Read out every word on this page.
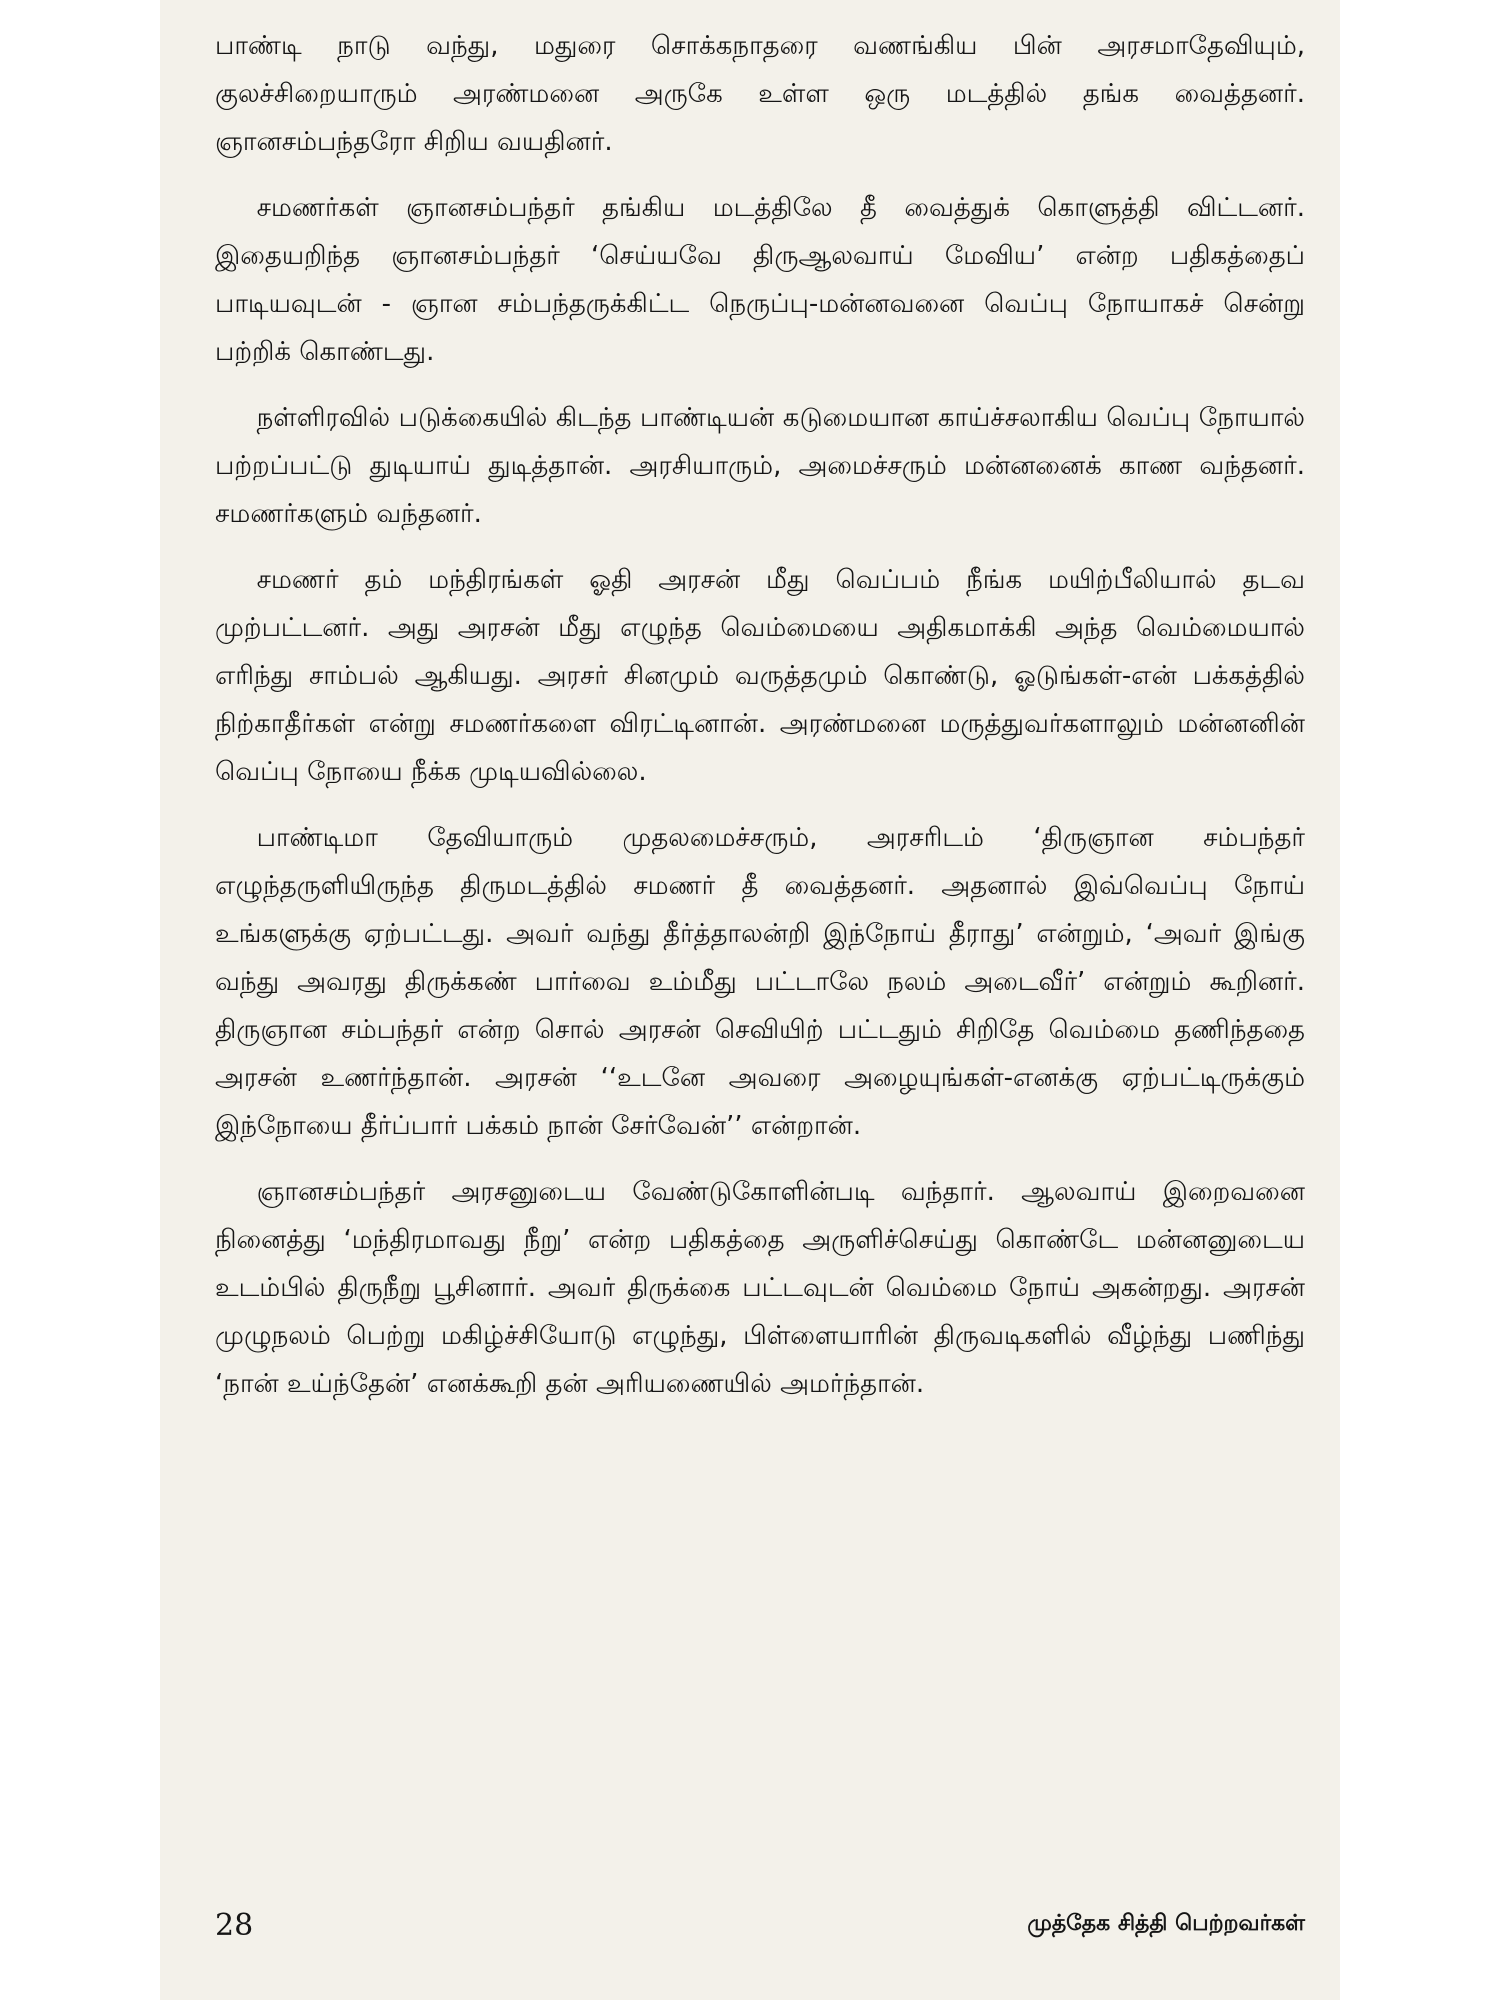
பாண்டி நாடு வந்து, மதுரை சொக்கநாதரை வணங்கிய பின் அரசமாதேவியும், குலச்சிறையாரும் அரண்மனை அருகே உள்ள ஒரு மடத்தில் தங்க வைத்தனர். ஞானசம்பந்தரோ சிறிய வயதினர்.

சமணர்கள் ஞானசம்பந்தர் தங்கிய மடத்திலே தீ வைத்துக் கொளுத்தி விட்டனர். இதையறிந்த ஞானசம்பந்தர் ‘செய்யவே திருஆலவாய் மேவிய’ என்ற பதிகத்தைப் பாடியவுடன் - ஞான சம்பந்தருக்கிட்ட நெருப்பு-மன்னவனை வெப்பு நோயாகச் சென்று பற்றிக் கொண்டது.

நள்ளிரவில் படுக்கையில் கிடந்த பாண்டியன் கடுமையான காய்ச்சலாகிய வெப்பு நோயால் பற்றப்பட்டு துடியாய் துடித்தான். அரசியாரும், அமைச்சரும் மன்னனைக் காண வந்தனர். சமணர்களும் வந்தனர்.

சமணர் தம் மந்திரங்கள் ஓதி அரசன் மீது வெப்பம் நீங்க மயிற்பீலியால் தடவ முற்பட்டனர். அது அரசன் மீது எழுந்த வெம்மையை அதிகமாக்கி அந்த வெம்மையால் எரிந்து சாம்பல் ஆகியது. அரசர் சினமும் வருத்தமும் கொண்டு, ஓடுங்கள்-என் பக்கத்தில் நிற்காதீர்கள் என்று சமணர்களை விரட்டினான். அரண்மனை மருத்துவர்களாலும் மன்னனின் வெப்பு நோயை நீக்க முடியவில்லை.

பாண்டிமா தேவியாரும் முதலமைச்சரும், அரசரிடம் ‘திருஞான சம்பந்தர் எழுந்தருளியிருந்த திருமடத்தில் சமணர் தீ வைத்தனர். அதனால் இவ்வெப்பு நோய் உங்களுக்கு ஏற்பட்டது. அவர் வந்து தீர்த்தாலன்றி இந்நோய் தீராது’ என்றும், ‘அவர் இங்கு வந்து அவரது திருக்கண் பார்வை உம்மீது பட்டாலே நலம் அடைவீர்’ என்றும் கூறினர். திருஞான சம்பந்தர் என்ற சொல் அரசன் செவியிற் பட்டதும் சிறிதே வெம்மை தணிந்ததை அரசன் உணர்ந்தான். அரசன் ‘‘உடனே அவரை அழையுங்கள்-எனக்கு ஏற்பட்டிருக்கும் இந்நோயை தீர்ப்பார் பக்கம் நான் சேர்வேன்’’ என்றான்.

ஞானசம்பந்தர் அரசனுடைய வேண்டுகோளின்படி வந்தார். ஆலவாய் இறைவனை நினைத்து ‘மந்திரமாவது நீறு’ என்ற பதிகத்தை அருளிச்செய்து கொண்டே மன்னனுடைய உடம்பில் திருநீறு பூசினார். அவர் திருக்கை பட்டவுடன் வெம்மை நோய் அகன்றது. அரசன் முழுநலம் பெற்று மகிழ்ச்சியோடு எழுந்து, பிள்ளையாரின் திருவடிகளில் வீழ்ந்து பணிந்து ‘நான் உய்ந்தேன்’ எனக்கூறி தன் அரியணையில் அமர்ந்தான்.

28	முத்தேக சித்தி பெற்றவர்கள்
